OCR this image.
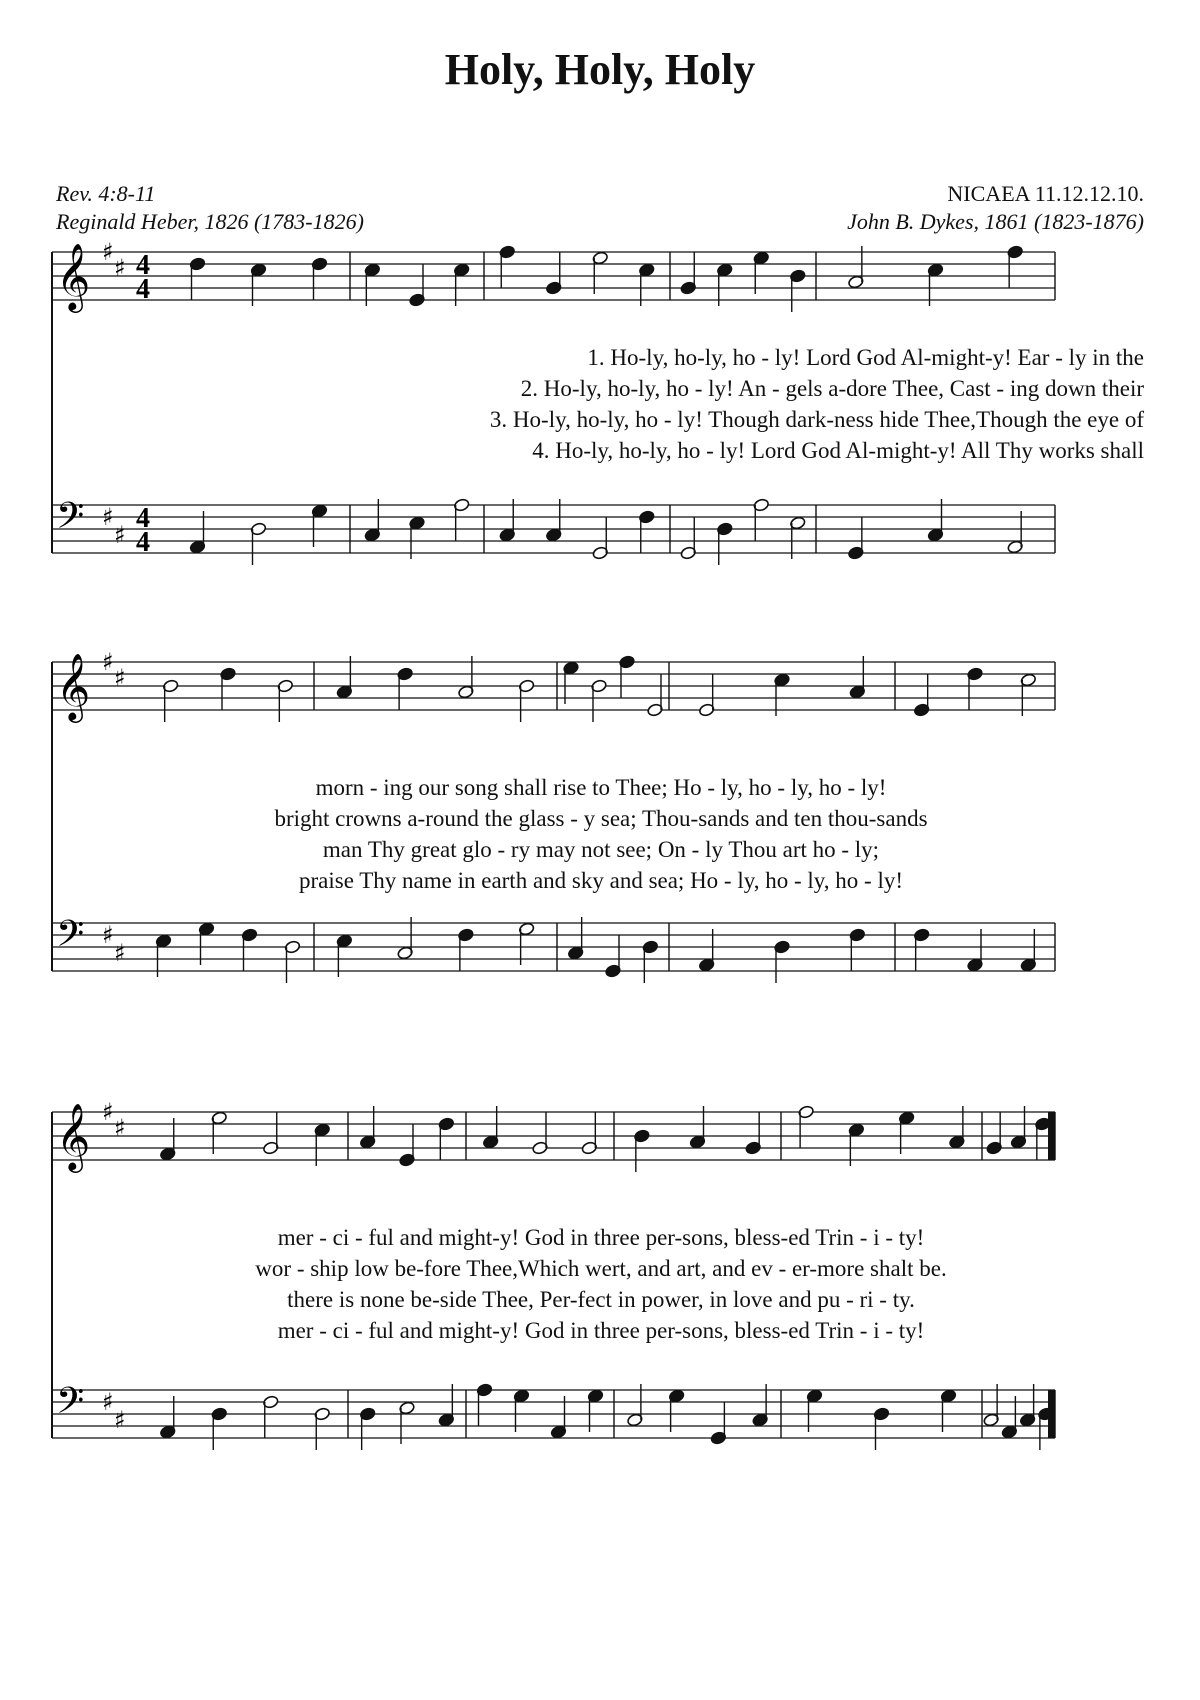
Holy, Holy, Holy
Rev. 4:8-11
Reginald Heber, 1826 (1783-1826)
NICAEA 11.12.12.10.
John B. Dykes, 1861 (1823-1876)
𝄞 ♯
♯ 4
4
𝄢 ♯
♯
4
4
1. Ho-ly, ho-ly, ho - ly! Lord God Al-might-y! Ear - ly in the
2. Ho-ly, ho-ly, ho - ly! An - gels a-dore Thee, Cast - ing down their
3. Ho-ly, ho-ly, ho - ly! Though dark-ness hide Thee,Though the eye of
4. Ho-ly, ho-ly, ho - ly! Lord God Al-might-y! All Thy works shall
𝄞 ♯
♯
𝄢 ♯
♯
morn - ing our song shall rise to Thee; Ho - ly, ho - ly, ho - ly!
bright crowns a-round the glass - y sea; Thou-sands and ten thou-sands
man Thy great glo - ry may not see; On - ly Thou art ho - ly;
praise Thy name in earth and sky and sea; Ho - ly, ho - ly, ho - ly!
𝄞 ♯
♯
𝄢 ♯
♯
mer - ci - ful and might-y! God in three per-sons, bless-ed Trin - i - ty!
wor - ship low be-fore Thee,Which wert, and art, and ev - er-more shalt be.
there is none be-side Thee, Per-fect in power, in love and pu - ri - ty.
mer - ci - ful and might-y! God in three per-sons, bless-ed Trin - i - ty!
